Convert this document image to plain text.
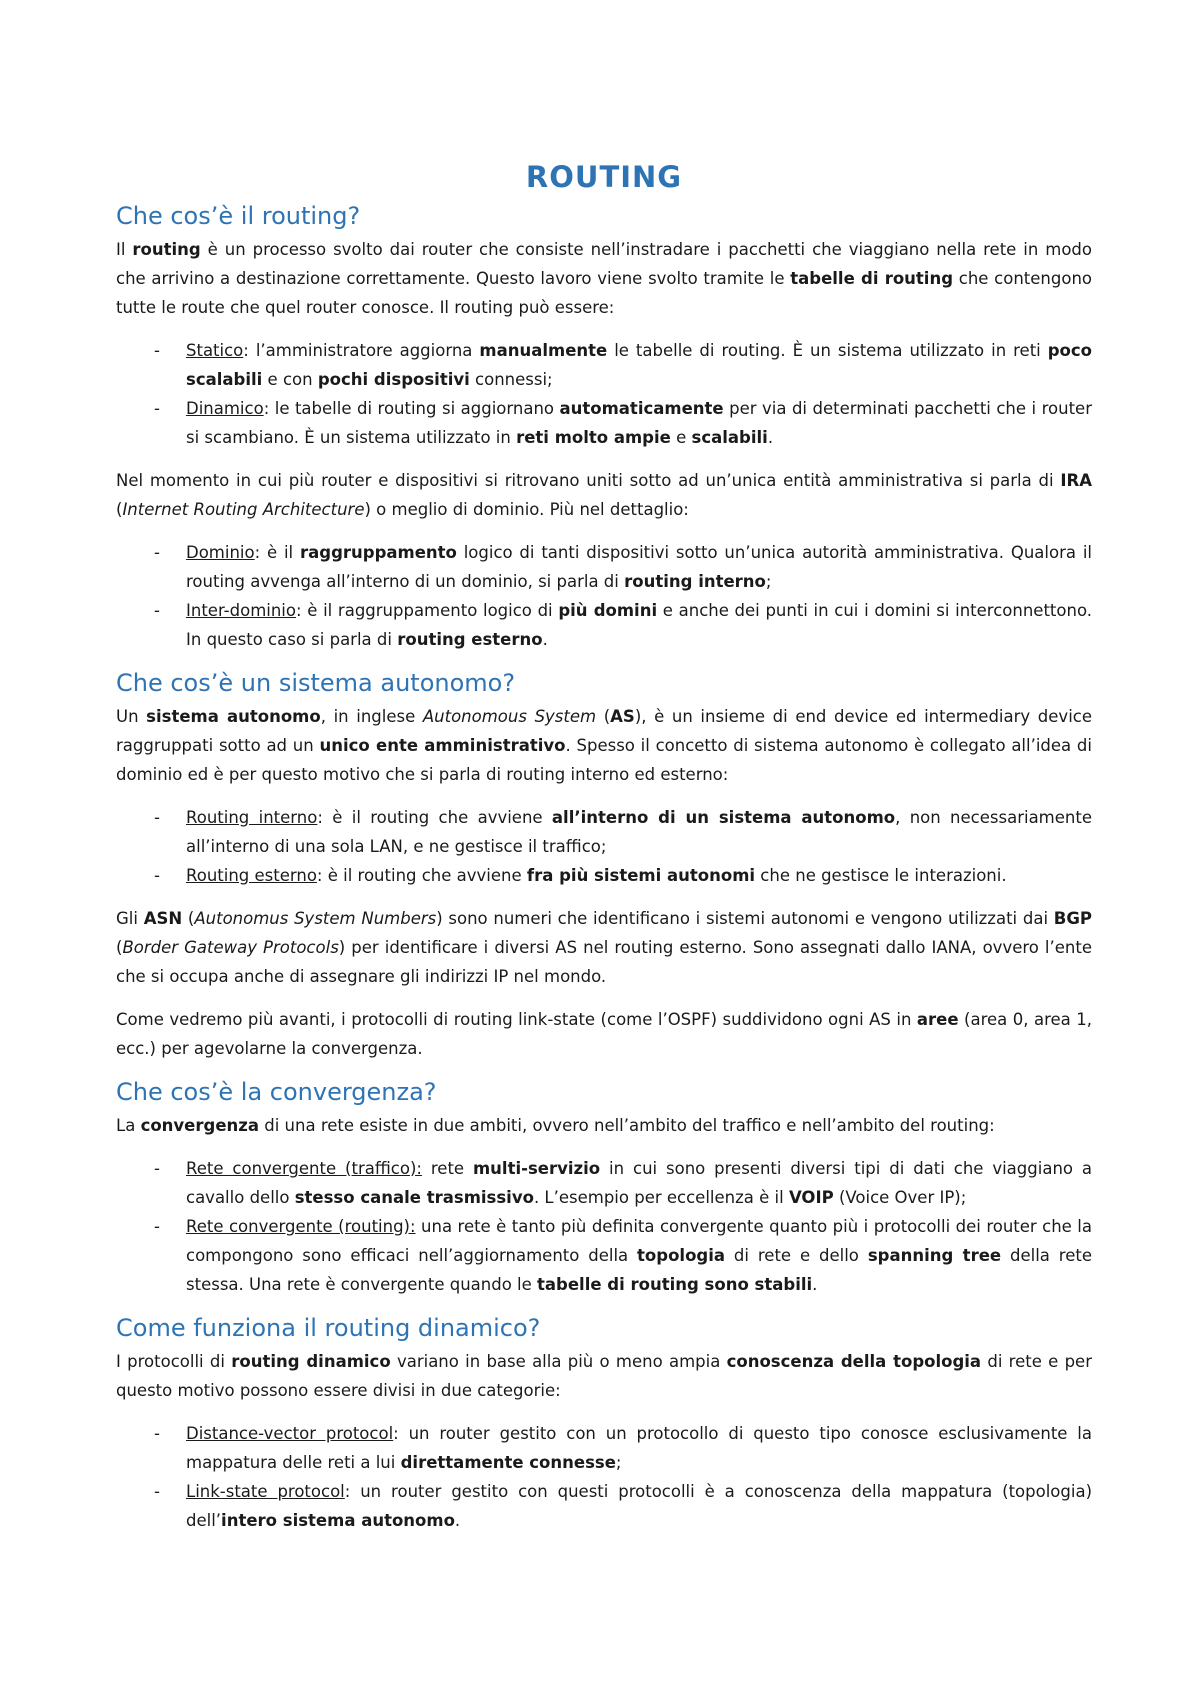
ROUTING
Che cos’è il routing?

Il routing è un processo svolto dai router che consiste nell’instradare i pacchetti che viaggiano nella rete in modo che arrivino a destinazione correttamente. Questo lavoro viene svolto tramite le tabelle di routing che contengono tutte le route che quel router conosce. Il routing può essere:

- Statico: l’amministratore aggiorna manualmente le tabelle di routing. È un sistema utilizzato in reti poco scalabili e con pochi dispositivi connessi;
- Dinamico: le tabelle di routing si aggiornano automaticamente per via di determinati pacchetti che i router si scambiano. È un sistema utilizzato in reti molto ampie e scalabili.

Nel momento in cui più router e dispositivi si ritrovano uniti sotto ad un’unica entità amministrativa si parla di IRA (Internet Routing Architecture) o meglio di dominio. Più nel dettaglio:

- Dominio: è il raggruppamento logico di tanti dispositivi sotto un’unica autorità amministrativa. Qualora il routing avvenga all’interno di un dominio, si parla di routing interno;
- Inter-dominio: è il raggruppamento logico di più domini e anche dei punti in cui i domini si interconnettono. In questo caso si parla di routing esterno.
Che cos’è un sistema autonomo?

Un sistema autonomo, in inglese Autonomous System (AS), è un insieme di end device ed intermediary device raggruppati sotto ad un unico ente amministrativo. Spesso il concetto di sistema autonomo è collegato all’idea di dominio ed è per questo motivo che si parla di routing interno ed esterno:

- Routing interno: è il routing che avviene all’interno di un sistema autonomo, non necessariamente all’interno di una sola LAN, e ne gestisce il traffico;
- Routing esterno: è il routing che avviene fra più sistemi autonomi che ne gestisce le interazioni.

Gli ASN (Autonomus System Numbers) sono numeri che identificano i sistemi autonomi e vengono utilizzati dai BGP (Border Gateway Protocols) per identificare i diversi AS nel routing esterno. Sono assegnati dallo IANA, ovvero l’ente che si occupa anche di assegnare gli indirizzi IP nel mondo.

Come vedremo più avanti, i protocolli di routing link-state (come l’OSPF) suddividono ogni AS in aree (area 0, area 1, ecc.) per agevolarne la convergenza.

Che cos’è la convergenza?

La convergenza di una rete esiste in due ambiti, ovvero nell’ambito del traffico e nell’ambito del routing:

- Rete convergente (traffico): rete multi-servizio in cui sono presenti diversi tipi di dati che viaggiano a cavallo dello stesso canale trasmissivo. L’esempio per eccellenza è il VOIP (Voice Over IP);
- Rete convergente (routing): una rete è tanto più definita convergente quanto più i protocolli dei router che la compongono sono efficaci nell’aggiornamento della topologia di rete e dello spanning tree della rete stessa. Una rete è convergente quando le tabelle di routing sono stabili.
Come funziona il routing dinamico?

I protocolli di routing dinamico variano in base alla più o meno ampia conoscenza della topologia di rete e per questo motivo possono essere divisi in due categorie:

- Distance-vector protocol: un router gestito con un protocollo di questo tipo conosce esclusivamente la mappatura delle reti a lui direttamente connesse;
- Link-state protocol: un router gestito con questi protocolli è a conoscenza della mappatura (topologia) dell’intero sistema autonomo.
